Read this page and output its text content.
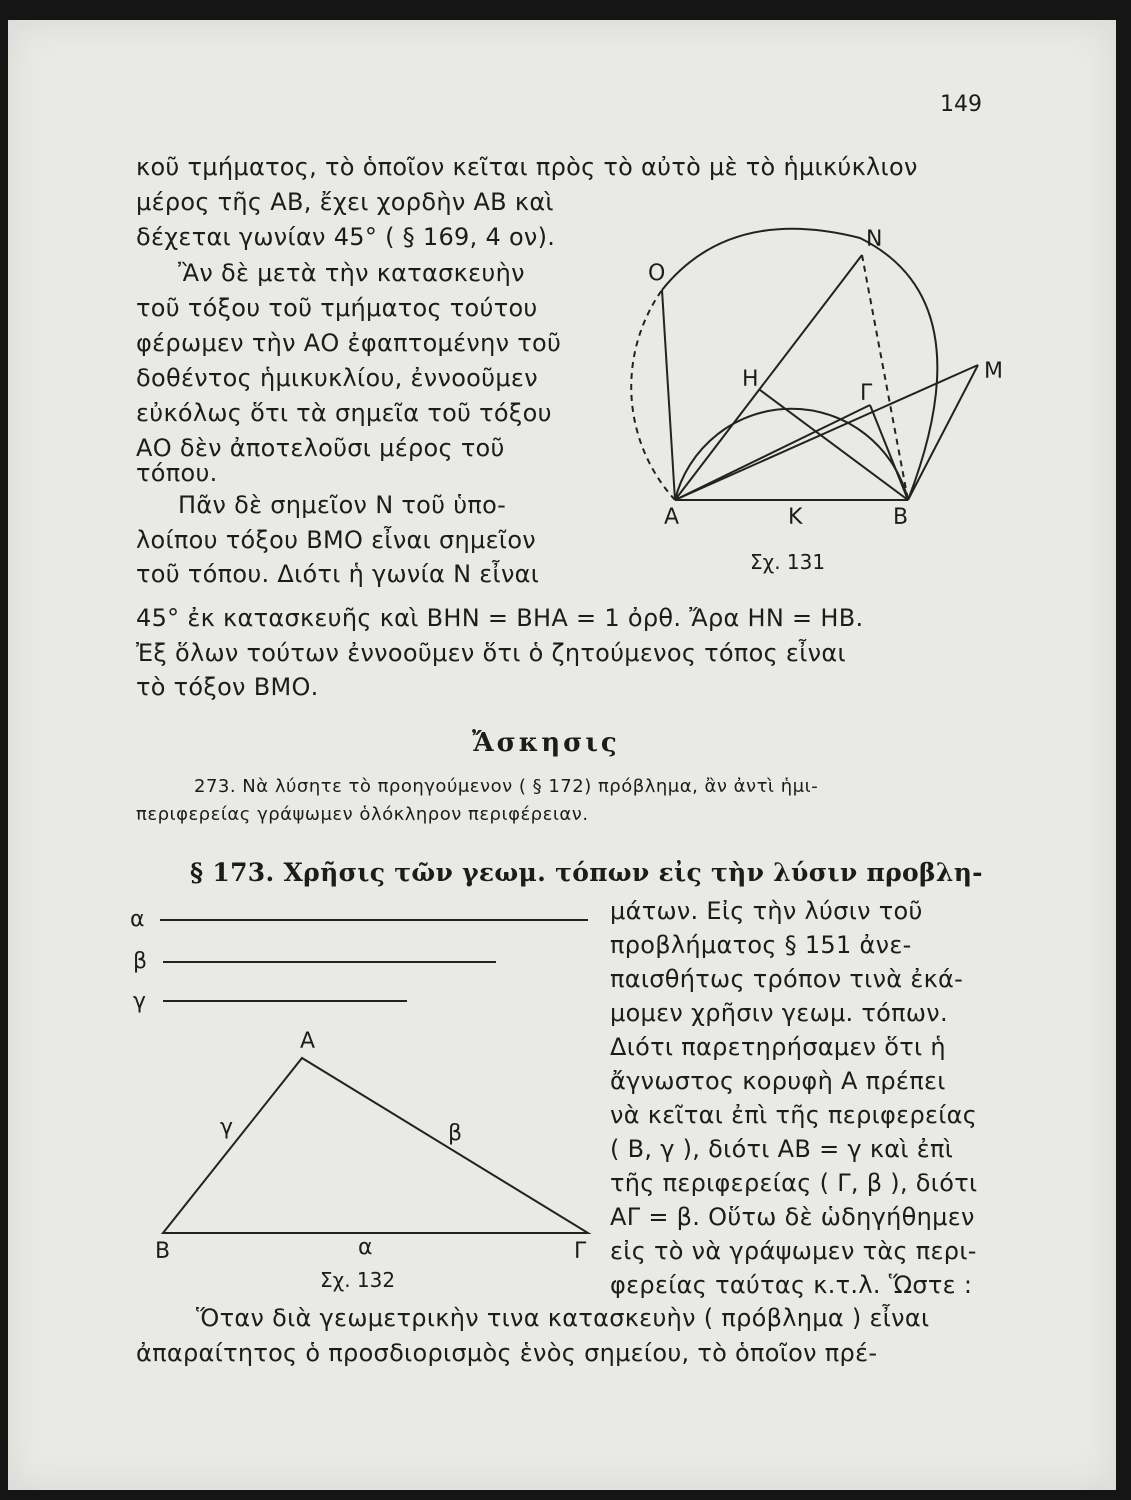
149
κοῦ τμήματος, τὸ ὁποῖον κεῖται πρὸς τὸ αὐτὸ μὲ τὸ ἡμικύκλιον
μέρος τῆς ΑΒ, ἔχει χορδὴν ΑΒ καὶ
δέχεται γωνίαν 45° ( § 169, 4 ον).
Ἂν δὲ μετὰ τὴν κατασκευὴν
τοῦ τόξου τοῦ τμήματος τούτου
φέρωμεν τὴν ΑΟ ἐφαπτομένην τοῦ
δοθέντος ἡμικυκλίου, ἐννοοῦμεν
εὐκόλως ὅτι τὰ σημεῖα τοῦ τόξου
ΑΟ δὲν ἀποτελοῦσι μέρος τοῦ
τόπου.
Πᾶν δὲ σημεῖον Ν τοῦ ὑπο-
λοίπου τόξου ΒΜΟ εἶναι σημεῖον
τοῦ τόπου. Διότι ἡ γωνία Ν εἶναι
Ν
Ο
Μ
Η
Γ
Α	Κ	Β
Σχ. 131
45° ἐκ κατασκευῆς καὶ ΒΗΝ = ΒΗΑ = 1 ὀρθ. Ἄρα ΗΝ = ΗΒ.
Ἐξ ὅλων τούτων ἐννοοῦμεν ὅτι ὁ ζητούμενος τόπος εἶναι
τὸ τόξον ΒΜΟ.
Ἄσκησις
273. Νὰ λύσητε τὸ προηγούμενον ( § 172) πρόβλημα, ἂν ἀντὶ ἡμι-
περιφερείας γράψωμεν ὁλόκληρον περιφέρειαν.
§ 173. Χρῆσις τῶν γεωμ. τόπων εἰς τὴν λύσιν προβλη-
μάτων. Εἰς τὴν λύσιν τοῦ
προβλήματος § 151 ἀνε-
παισθήτως τρόπον τινὰ ἐκά-
μομεν χρῆσιν γεωμ. τόπων.
Διότι παρετηρήσαμεν ὅτι ἡ
ἄγνωστος κορυφὴ Α πρέπει
νὰ κεῖται ἐπὶ τῆς περιφερείας
( Β, γ ), διότι ΑΒ = γ καὶ ἐπὶ
τῆς περιφερείας ( Γ, β ), διότι
ΑΓ = β. Οὕτω δὲ ὡδηγήθημεν
εἰς τὸ νὰ γράψωμεν τὰς περι-
φερείας ταύτας κ.τ.λ. Ὥστε :
α
β
γ
Α
Β	Γ
γ	β
α
Σχ. 132
Ὅταν διὰ γεωμετρικὴν τινα κατασκευὴν ( πρόβλημα ) εἶναι
ἀπαραίτητος ὁ προσδιορισμὸς ἑνὸς σημείου, τὸ ὁποῖον πρέ-
